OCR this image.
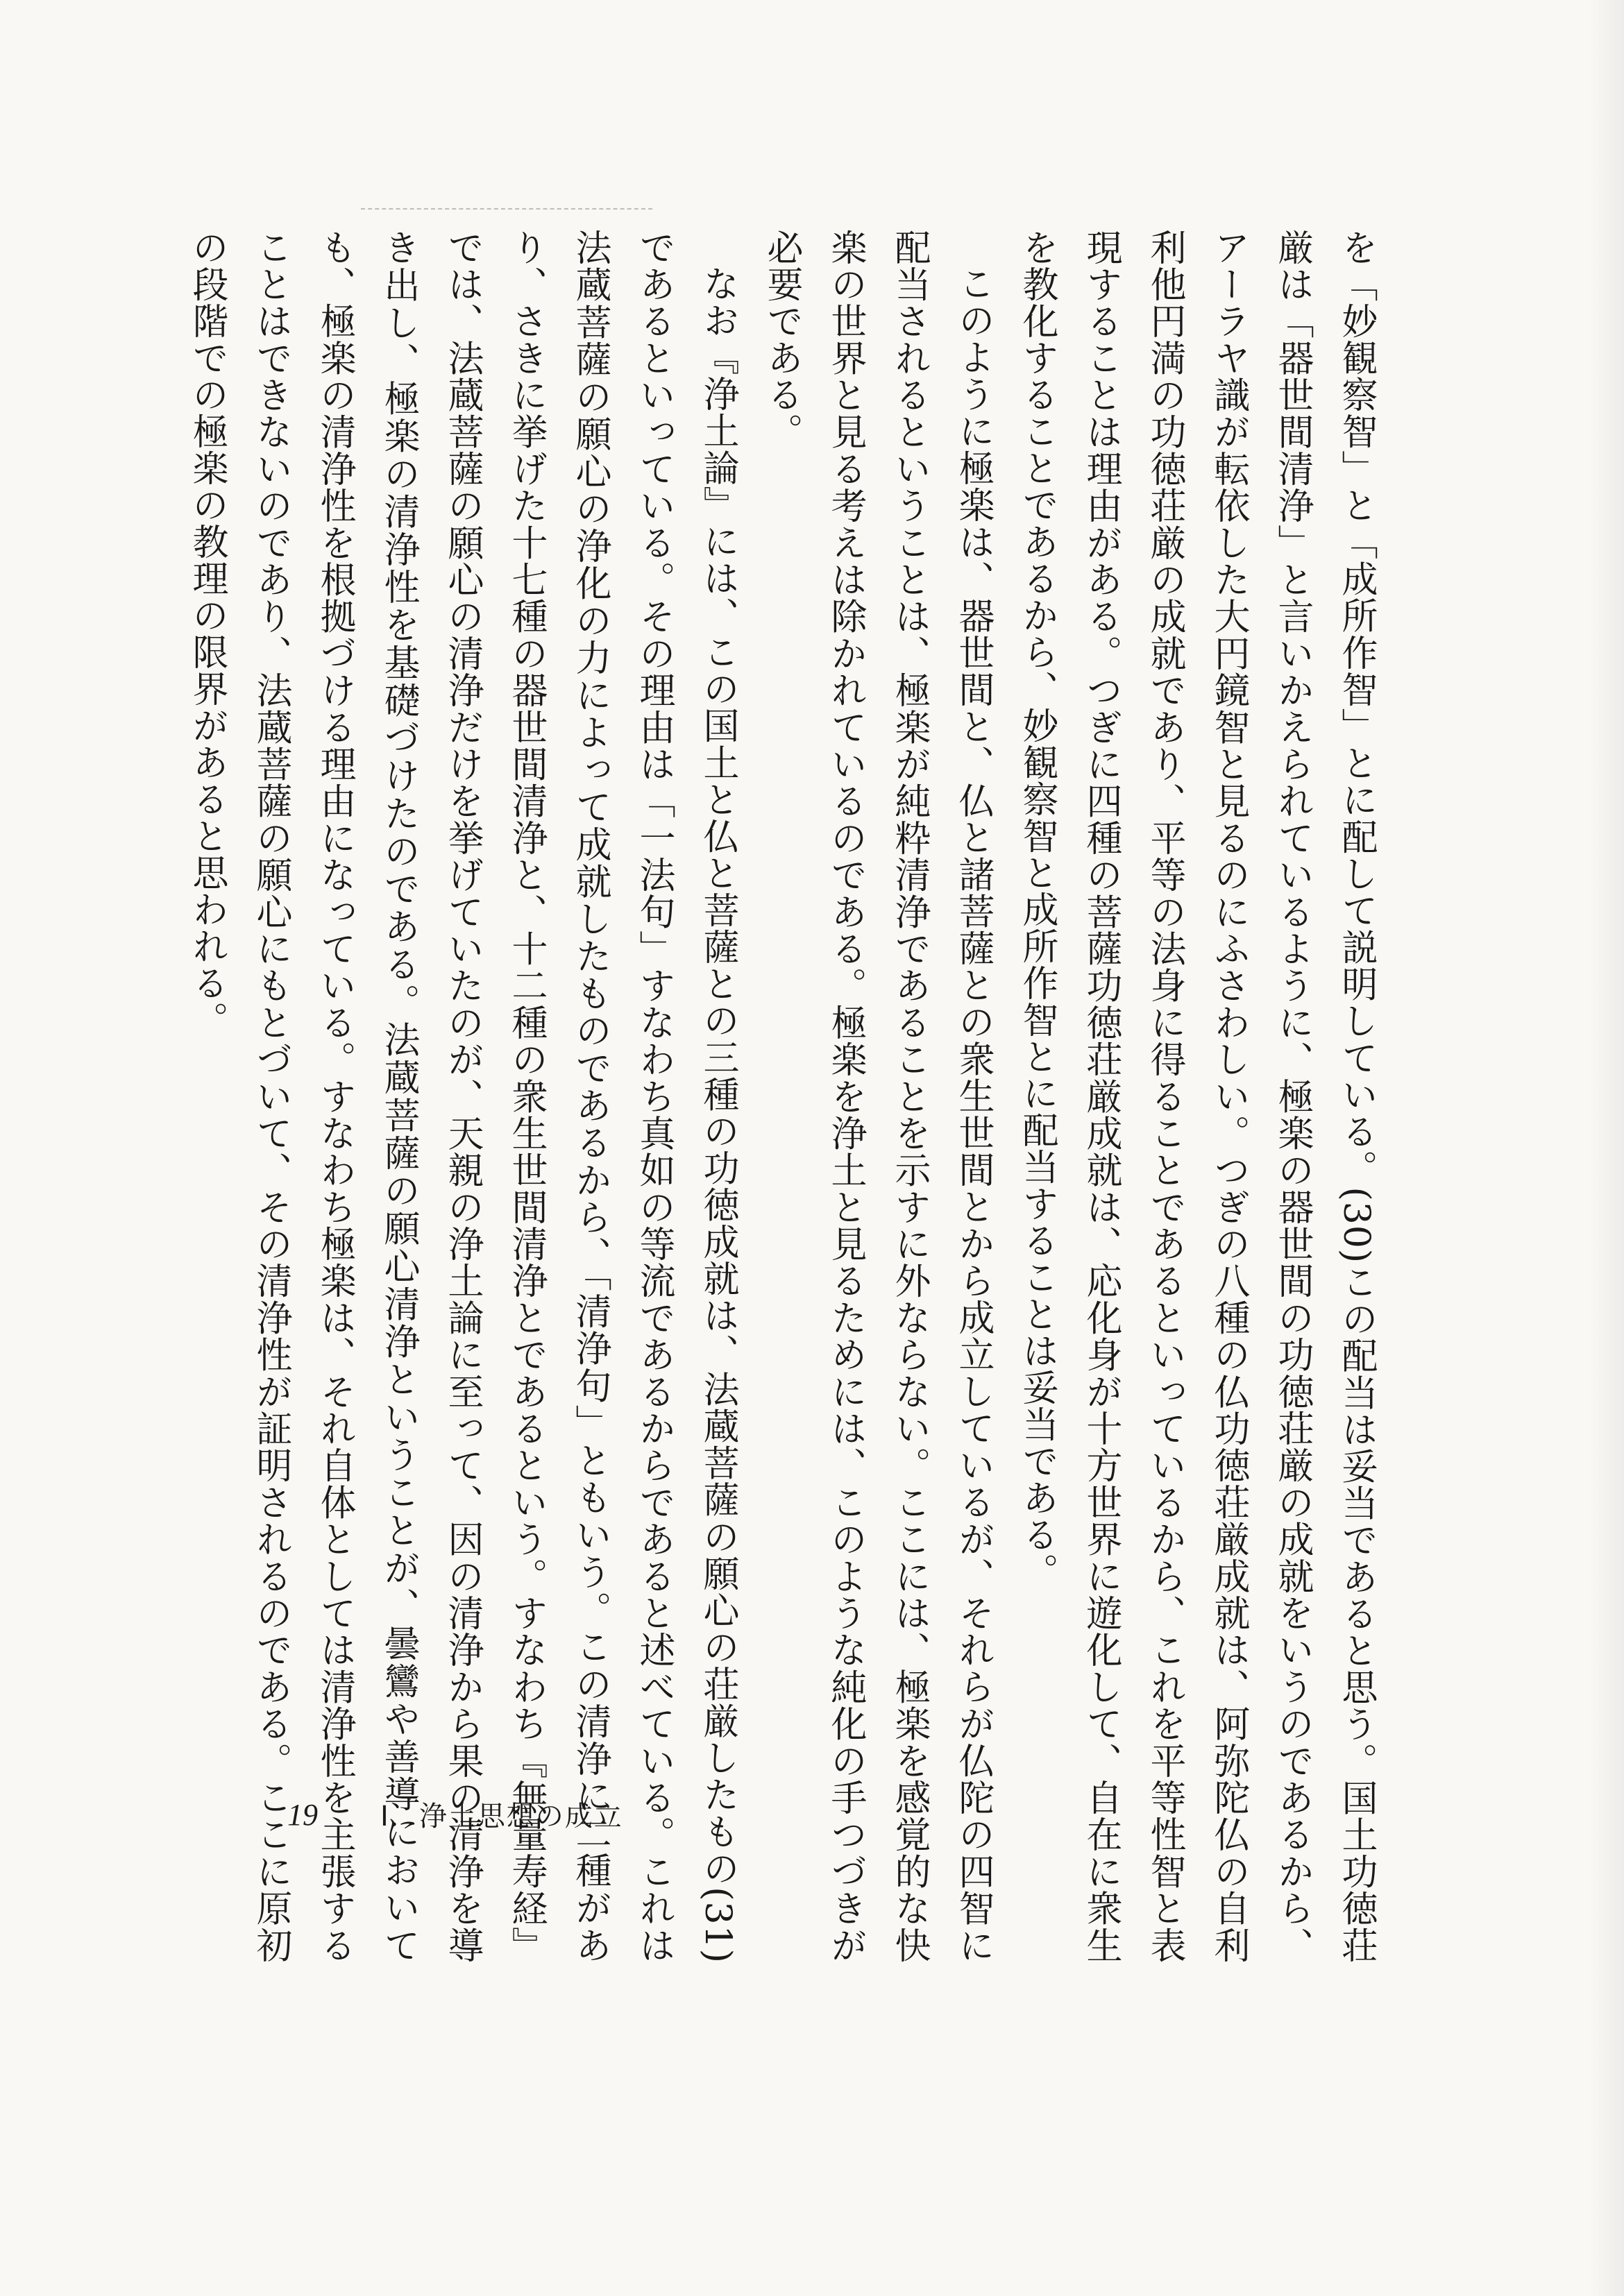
を「妙観察智」と「成所作智」とに配して説明している。(30)この配当は妥当であると思う。国土功徳荘厳は「器世間清浄」と言いかえられているように、極楽の器世間の功徳荘厳の成就をいうのであるから、アーラヤ識が転依した大円鏡智と見るのにふさわしい。つぎの八種の仏功徳荘厳成就は、阿弥陀仏の自利利他円満の功徳荘厳の成就であり、平等の法身に得ることであるといっているから、これを平等性智と表現することは理由がある。つぎに四種の菩薩功徳荘厳成就は、応化身が十方世界に遊化して、自在に衆生を教化することであるから、妙観察智と成所作智とに配当することは妥当である。

このように極楽は、器世間と、仏と諸菩薩との衆生世間とから成立しているが、それらが仏陀の四智に配当されるということは、極楽が純粋清浄であることを示すに外ならない。ここには、極楽を感覚的な快楽の世界と見る考えは除かれているのである。極楽を浄土と見るためには、このような純化の手つづきが必要である。

なお『浄土論』には、この国土と仏と菩薩との三種の功徳成就は、法蔵菩薩の願心の荘厳したもの(31)であるといっている。その理由は「一法句」すなわち真如の等流であるからであると述べている。これは法蔵菩薩の願心の浄化の力によって成就したものであるから、「清浄句」ともいう。この清浄に二種があり、さきに挙げた十七種の器世間清浄と、十二種の衆生世間清浄とであるという。すなわち『無量寿経』では、法蔵菩薩の願心の清浄だけを挙げていたのが、天親の浄土論に至って、因の清浄から果の清浄を導き出し、極楽の清浄性を基礎づけたのである。法蔵菩薩の願心清浄ということが、曇鸞や善導においても、極楽の清浄性を根拠づける理由になっている。すなわち極楽は、それ自体としては清浄性を主張することはできないのであり、法蔵菩薩の願心にもとづいて、その清浄性が証明されるのである。ここに原初の段階での極楽の教理の限界があると思われる。

19 Ⅰ．浄土思想の成立
